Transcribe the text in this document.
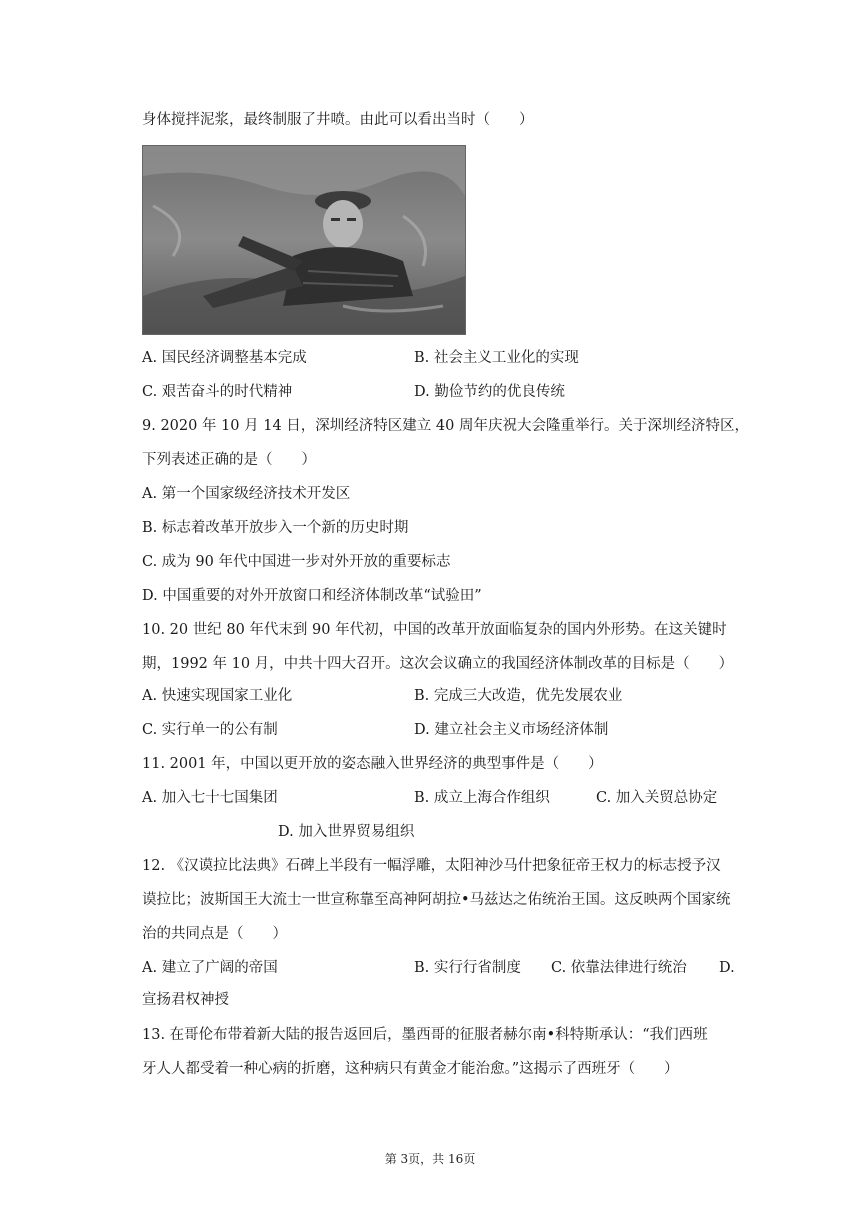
身体搅拌泥浆，最终制服了井喷。由此可以看出当时（　　）
A. 国民经济调整基本完成	B. 社会主义工业化的实现
C. 艰苦奋斗的时代精神	D. 勤俭节约的优良传统
9. 2020 年 10 月 14 日，深圳经济特区建立 40 周年庆祝大会隆重举行。关于深圳经济特区，
下列表述正确的是（　　）
A. 第一个国家级经济技术开发区
B. 标志着改革开放步入一个新的历史时期
C. 成为 90 年代中国进一步对外开放的重要标志
D. 中国重要的对外开放窗口和经济体制改革“试验田”
10. 20 世纪 80 年代末到 90 年代初，中国的改革开放面临复杂的国内外形势。在这关键时
期，1992 年 10 月，中共十四大召开。这次会议确立的我国经济体制改革的目标是（　　）
A. 快速实现国家工业化	B. 完成三大改造，优先发展农业
C. 实行单一的公有制	D. 建立社会主义市场经济体制
11. 2001 年，中国以更开放的姿态融入世界经济的典型事件是（　　）
A. 加入七十七国集团	B. 成立上海合作组织	C. 加入关贸总协定
D. 加入世界贸易组织
12. 《汉谟拉比法典》石碑上半段有一幅浮雕，太阳神沙马什把象征帝王权力的标志授予汉
谟拉比；波斯国王大流士一世宣称靠至高神阿胡拉•马兹达之佑统治王国。这反映两个国家统
治的共同点是（　　）
A. 建立了广阔的帝国	B. 实行行省制度 C. 依靠法律进行统治 D.
宣扬君权神授
13. 在哥伦布带着新大陆的报告返回后，墨西哥的征服者赫尔南•科特斯承认：“我们西班
牙人人都受着一种心病的折磨，这种病只有黄金才能治愈。”这揭示了西班牙（　　）
第 3页，共 16页
